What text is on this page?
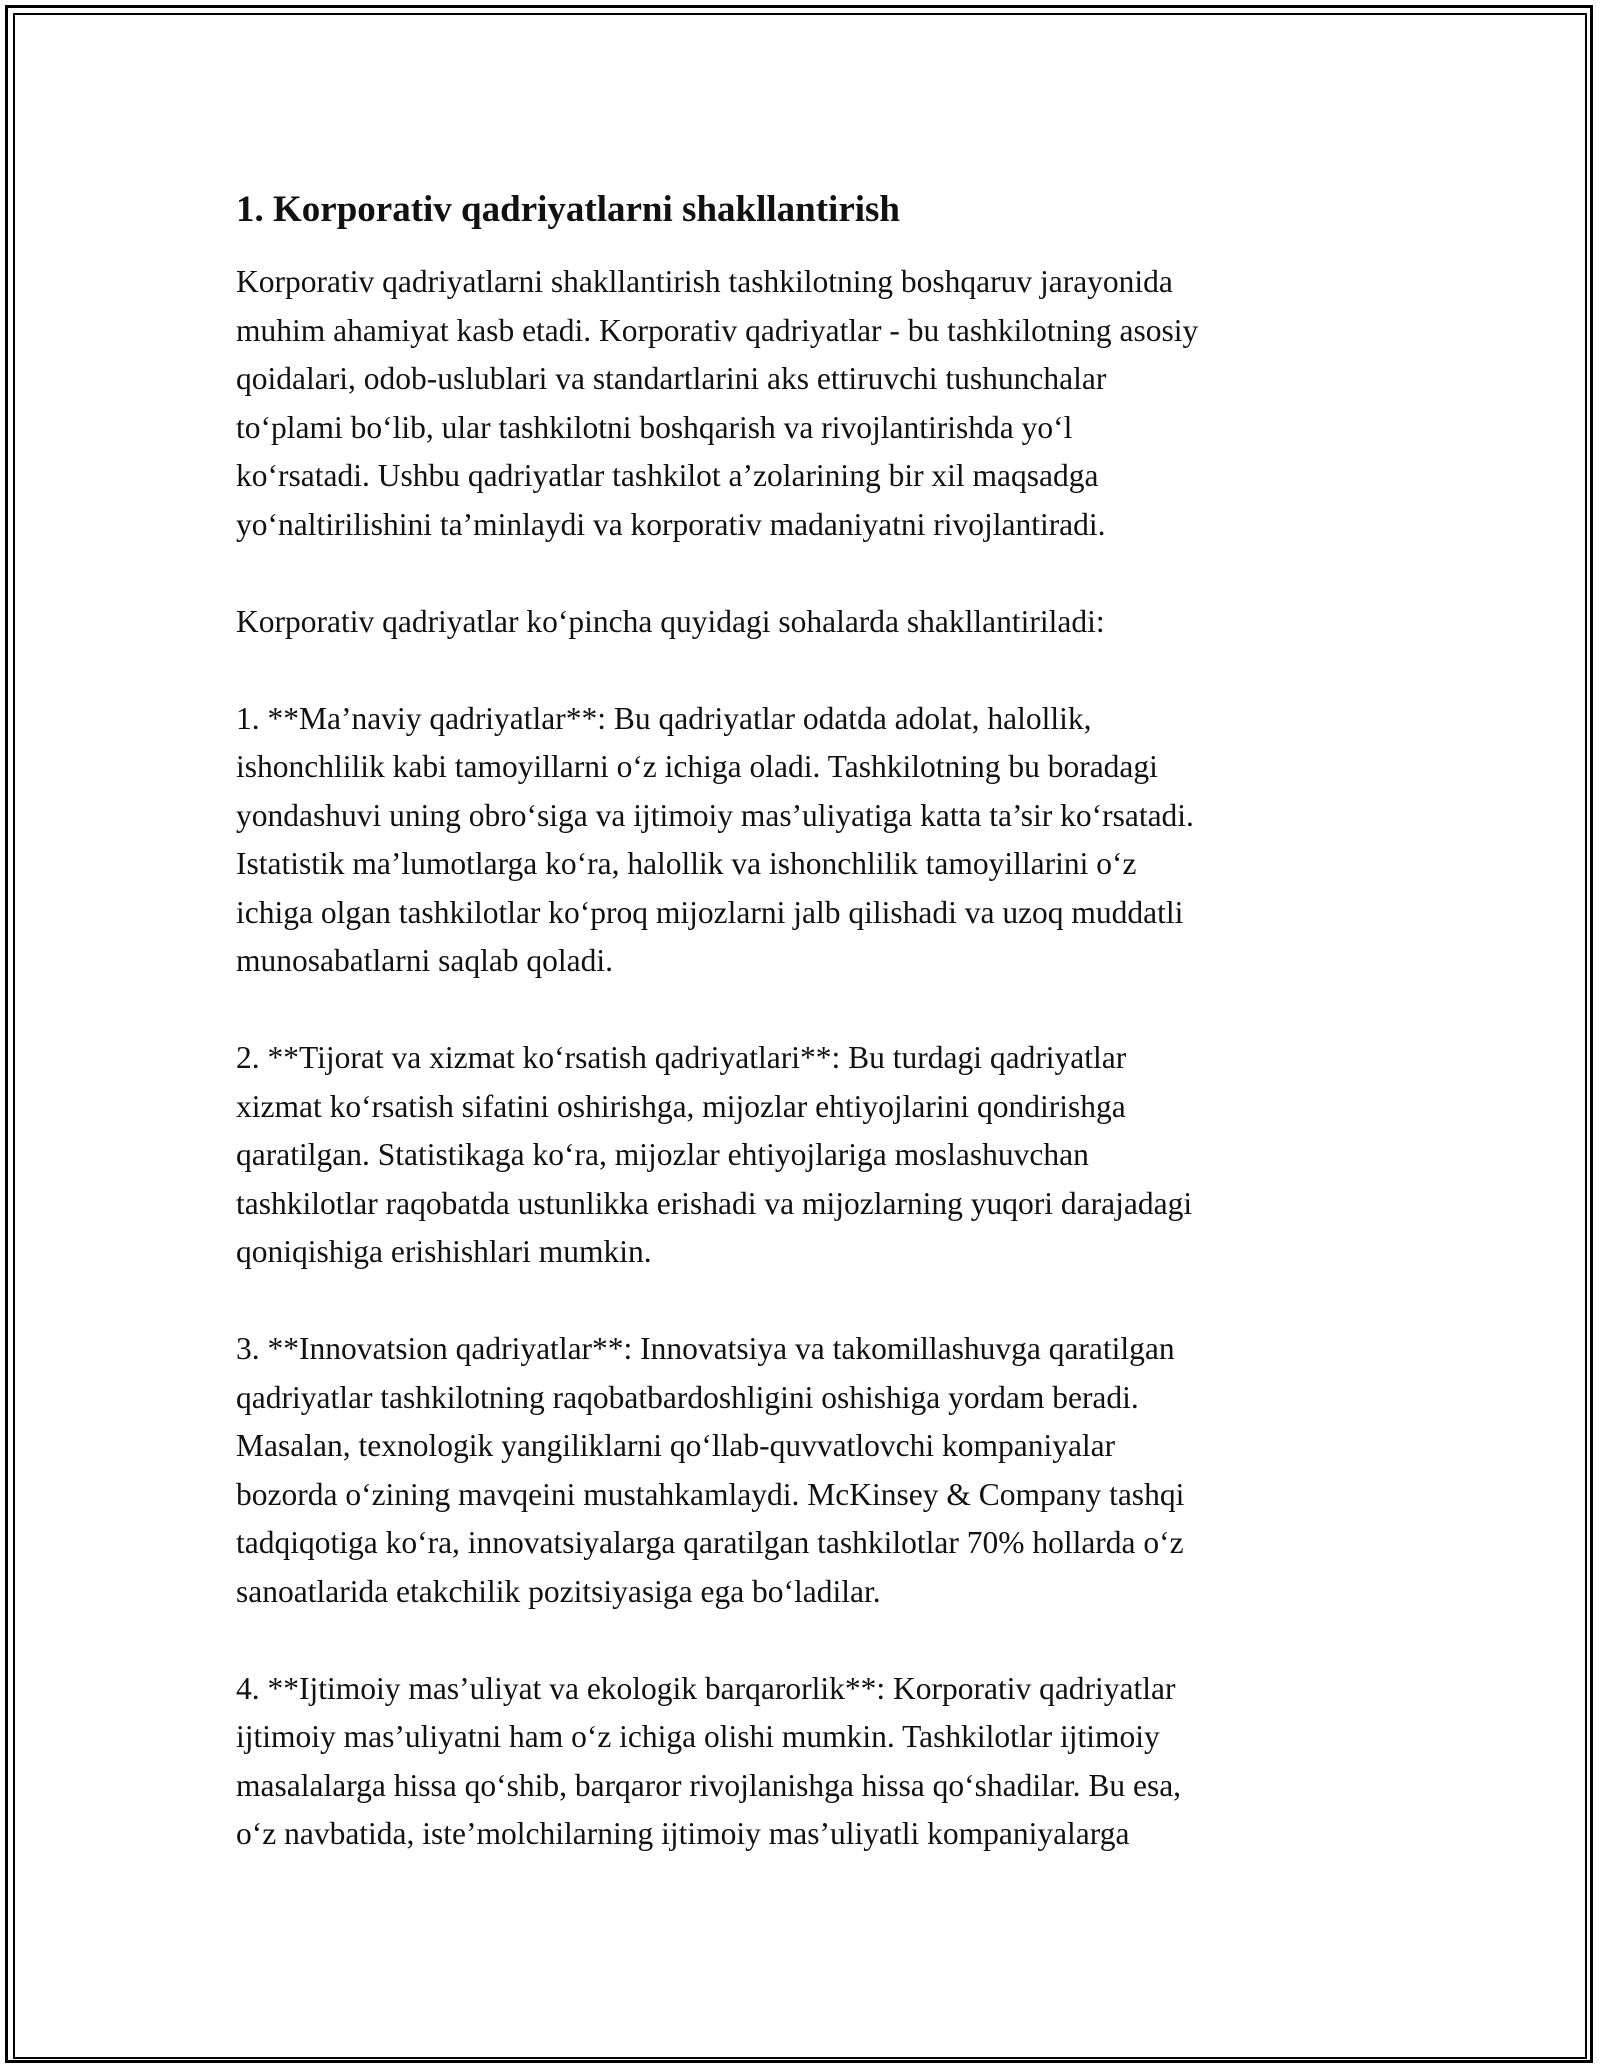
1. Korporativ qadriyatlarni shakllantirish

Korporativ qadriyatlarni shakllantirish tashkilotning boshqaruv jarayonida
muhim ahamiyat kasb etadi. Korporativ qadriyatlar - bu tashkilotning asosiy
qoidalari, odob-uslublari va standartlarini aks ettiruvchi tushunchalar
to‘plami bo‘lib, ular tashkilotni boshqarish va rivojlantirishda yo‘l
ko‘rsatadi. Ushbu qadriyatlar tashkilot a’zolarining bir xil maqsadga
yo‘naltirilishini ta’minlaydi va korporativ madaniyatni rivojlantiradi.

Korporativ qadriyatlar ko‘pincha quyidagi sohalarda shakllantiriladi:

1. **Ma’naviy qadriyatlar**: Bu qadriyatlar odatda adolat, halollik,
ishonchlilik kabi tamoyillarni o‘z ichiga oladi. Tashkilotning bu boradagi
yondashuvi uning obro‘siga va ijtimoiy mas’uliyatiga katta ta’sir ko‘rsatadi.
Istatistik ma’lumotlarga ko‘ra, halollik va ishonchlilik tamoyillarini o‘z
ichiga olgan tashkilotlar ko‘proq mijozlarni jalb qilishadi va uzoq muddatli
munosabatlarni saqlab qoladi.

2. **Tijorat va xizmat ko‘rsatish qadriyatlari**: Bu turdagi qadriyatlar
xizmat ko‘rsatish sifatini oshirishga, mijozlar ehtiyojlarini qondirishga
qaratilgan. Statistikaga ko‘ra, mijozlar ehtiyojlariga moslashuvchan
tashkilotlar raqobatda ustunlikka erishadi va mijozlarning yuqori darajadagi
qoniqishiga erishishlari mumkin.

3. **Innovatsion qadriyatlar**: Innovatsiya va takomillashuvga qaratilgan
qadriyatlar tashkilotning raqobatbardoshligini oshishiga yordam beradi.
Masalan, texnologik yangiliklarni qo‘llab-quvvatlovchi kompaniyalar
bozorda o‘zining mavqeini mustahkamlaydi. McKinsey & Company tashqi
tadqiqotiga ko‘ra, innovatsiyalarga qaratilgan tashkilotlar 70% hollarda o‘z
sanoatlarida etakchilik pozitsiyasiga ega bo‘ladilar.

4. **Ijtimoiy mas’uliyat va ekologik barqarorlik**: Korporativ qadriyatlar
ijtimoiy mas’uliyatni ham o‘z ichiga olishi mumkin. Tashkilotlar ijtimoiy
masalalarga hissa qo‘shib, barqaror rivojlanishga hissa qo‘shadilar. Bu esa,
o‘z navbatida, iste’molchilarning ijtimoiy mas’uliyatli kompaniyalarga
